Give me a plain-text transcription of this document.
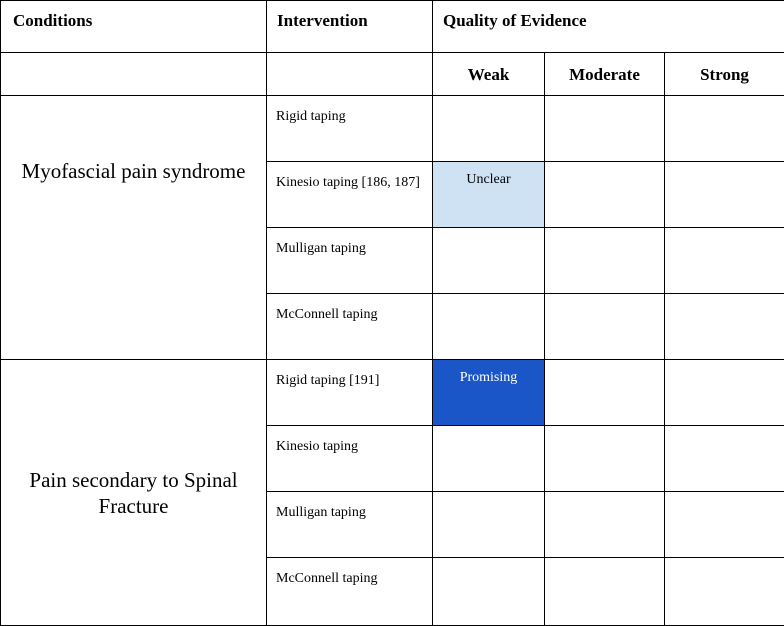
Conditions	Intervention	Quality of Evidence		
		Weak	Moderate	Strong
Myofascial pain syndrome	Rigid taping			
	Kinesio taping [186, 187]	Unclear		
	Mulligan taping			
	McConnell taping			
Pain secondary to Spinal Fracture	Rigid taping [191]	Promising		
	Kinesio taping			
	Mulligan taping			
	McConnell taping			
